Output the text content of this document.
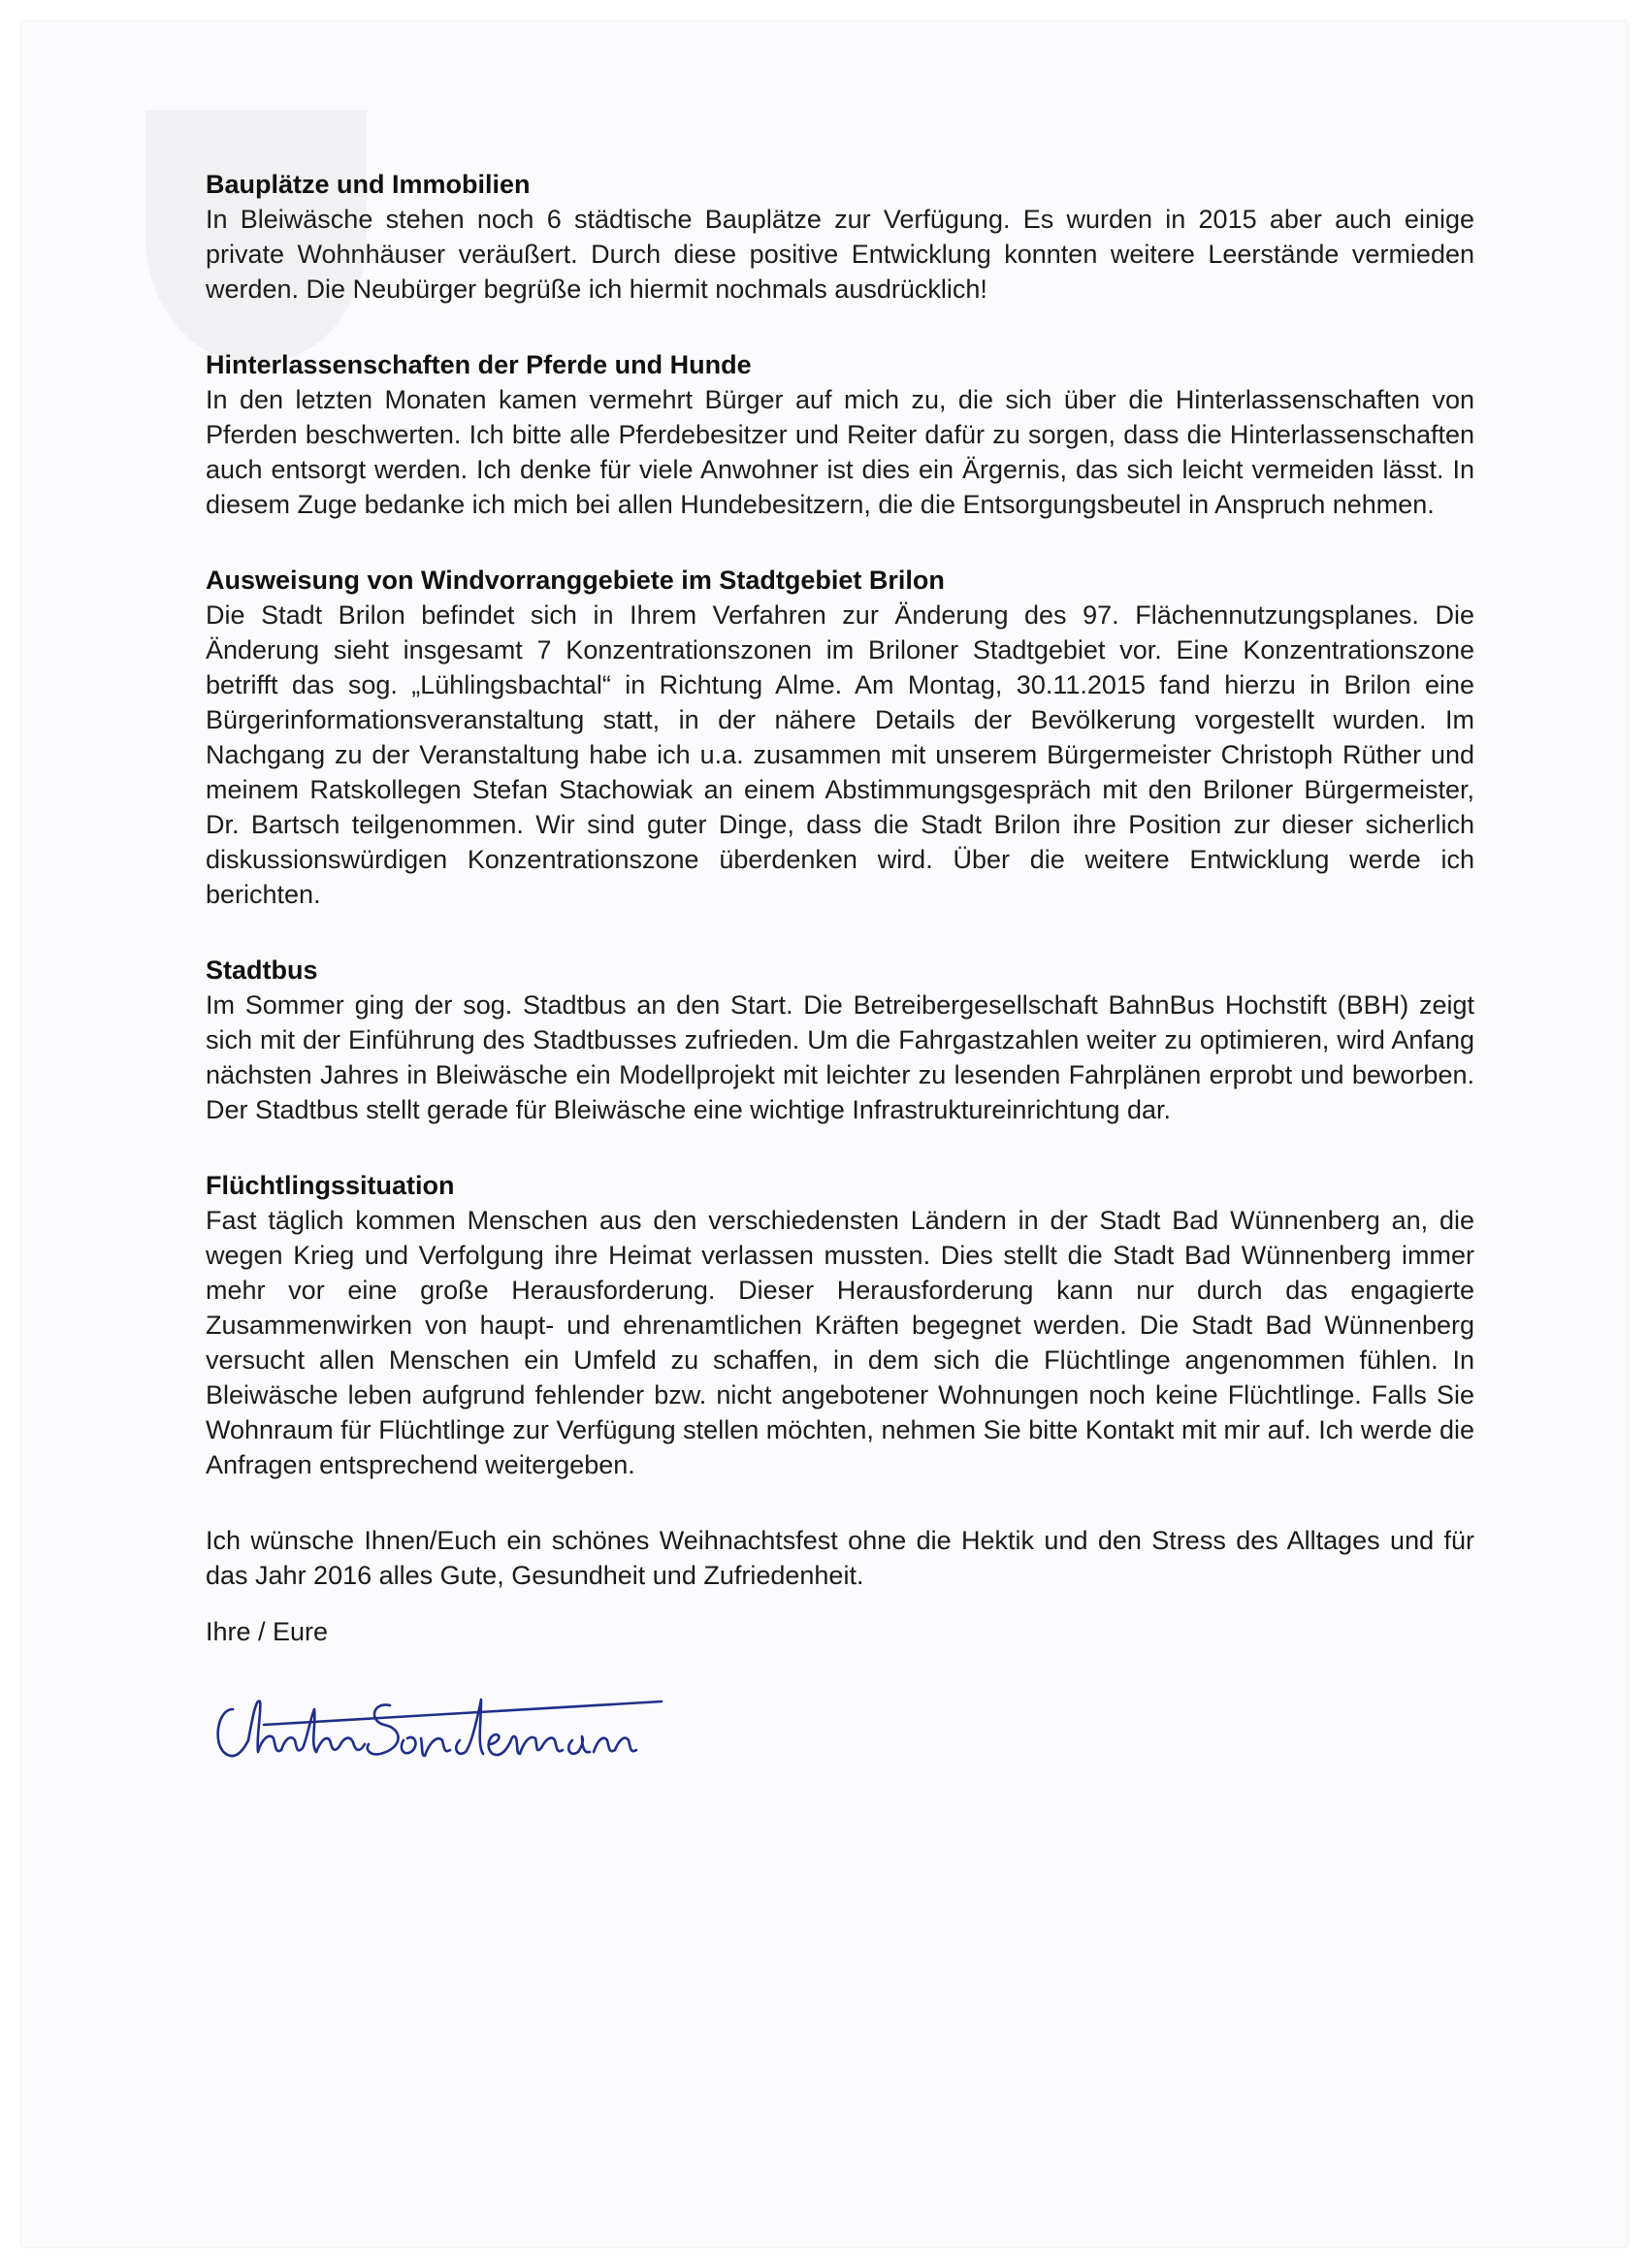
Bauplätze und Immobilien

In Bleiwäsche stehen noch 6 städtische Bauplätze zur Verfügung. Es wurden in 2015 aber auch einige private Wohnhäuser veräußert. Durch diese positive Entwicklung konnten weitere Leerstände vermieden werden. Die Neubürger begrüße ich hiermit nochmals ausdrücklich!

Hinterlassenschaften der Pferde und Hunde

In den letzten Monaten kamen vermehrt Bürger auf mich zu, die sich über die Hinterlassenschaften von Pferden beschwerten. Ich bitte alle Pferdebesitzer und Reiter dafür zu sorgen, dass die Hinterlassenschaften auch entsorgt werden. Ich denke für viele Anwohner ist dies ein Ärgernis, das sich leicht vermeiden lässt. In diesem Zuge bedanke ich mich bei allen Hundebesitzern, die die Entsorgungsbeutel in Anspruch nehmen.

Ausweisung von Windvorranggebiete im Stadtgebiet Brilon

Die Stadt Brilon befindet sich in Ihrem Verfahren zur Änderung des 97. Flächennutzungsplanes. Die Änderung sieht insgesamt 7 Konzentrationszonen im Briloner Stadtgebiet vor. Eine Konzentrationszone betrifft das sog. „Lühlingsbachtal“ in Richtung Alme. Am Montag, 30.11.2015 fand hierzu in Brilon eine Bürgerinformationsveranstaltung statt, in der nähere Details der Bevölkerung vorgestellt wurden. Im Nachgang zu der Veranstaltung habe ich u.a. zusammen mit unserem Bürgermeister Christoph Rüther und meinem Ratskollegen Stefan Stachowiak an einem Abstimmungsgespräch mit den Briloner Bürgermeister, Dr. Bartsch teilgenommen. Wir sind guter Dinge, dass die Stadt Brilon ihre Position zur dieser sicherlich diskussionswürdigen Konzentrationszone überdenken wird. Über die weitere Entwicklung werde ich berichten.

Stadtbus

Im Sommer ging der sog. Stadtbus an den Start. Die Betreibergesellschaft BahnBus Hochstift (BBH) zeigt sich mit der Einführung des Stadtbusses zufrieden. Um die Fahrgastzahlen weiter zu optimieren, wird Anfang nächsten Jahres in Bleiwäsche ein Modellprojekt mit leichter zu lesenden Fahrplänen erprobt und beworben. Der Stadtbus stellt gerade für Bleiwäsche eine wichtige Infrastruktureinrichtung dar.

Flüchtlingssituation

Fast täglich kommen Menschen aus den verschiedensten Ländern in der Stadt Bad Wünnenberg an, die wegen Krieg und Verfolgung ihre Heimat verlassen mussten. Dies stellt die Stadt Bad Wünnenberg immer mehr vor eine große Herausforderung. Dieser Herausforderung kann nur durch das engagierte Zusammenwirken von haupt- und ehrenamtlichen Kräften begegnet werden. Die Stadt Bad Wünnenberg versucht allen Menschen ein Umfeld zu schaffen, in dem sich die Flüchtlinge angenommen fühlen. In Bleiwäsche leben aufgrund fehlender bzw. nicht angebotener Wohnungen noch keine Flüchtlinge. Falls Sie Wohnraum für Flüchtlinge zur Verfügung stellen möchten, nehmen Sie bitte Kontakt mit mir auf. Ich werde die Anfragen entsprechend weitergeben.

Ich wünsche Ihnen/Euch ein schönes Weihnachtsfest ohne die Hektik und den Stress des Alltages und für das Jahr 2016 alles Gute, Gesundheit und Zufriedenheit.

Ihre / Eure
